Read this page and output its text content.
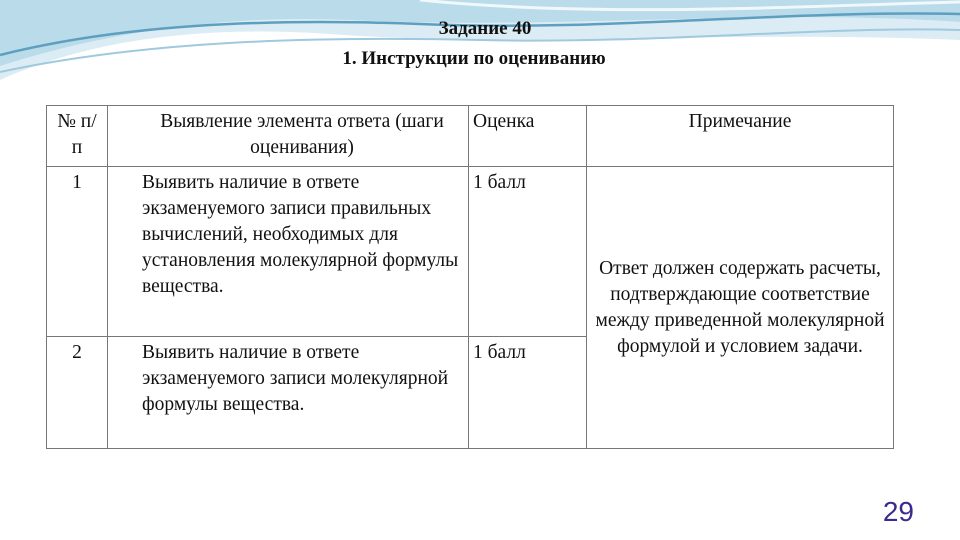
Задание 40
1. Инструкции по оцениванию
№ п/п	Выявление элемента ответа (шаги оценивания)	Оценка	Примечание
1	Выявить наличие в ответе экзаменуемого записи правильных вычислений, необходимых для установления молекулярной формулы вещества.	1 балл	Ответ должен содержать расчеты, подтверждающие соответствие между приведенной молекулярной формулой и условием задачи.
2	Выявить наличие в ответе экзаменуемого записи молекулярной формулы вещества.	1 балл	
29
